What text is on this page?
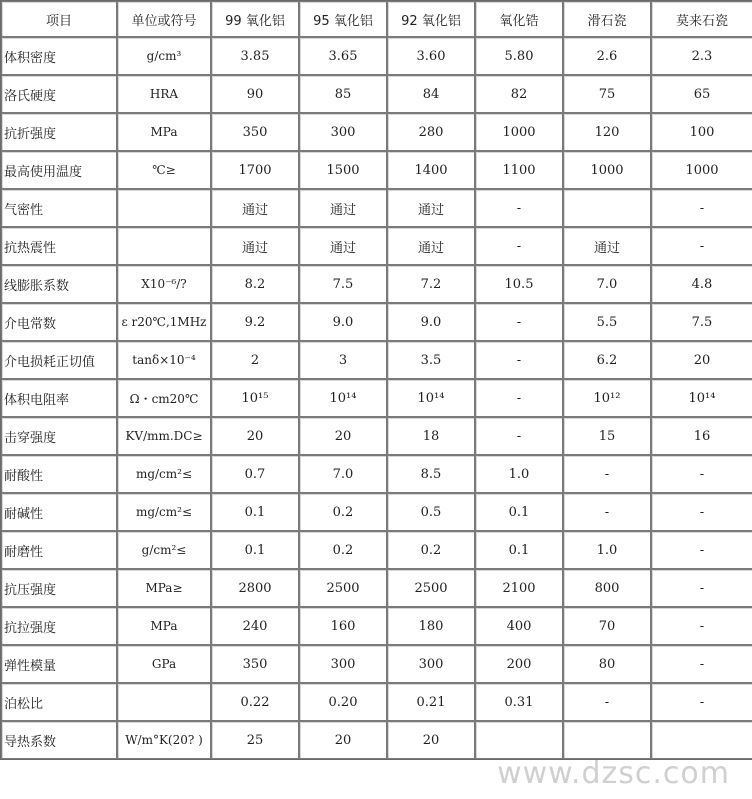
项目	单位或符号	99 氧化铝	95 氧化铝	92 氧化铝	氧化锆	滑石瓷	莫来石瓷
体积密度	g/cm³	3.85	3.65	3.60	5.80	2.6	2.3
洛氏硬度	HRA	90	85	84	82	75	65
抗折强度	MPa	350	300	280	1000	120	100
最高使用温度	℃≥	1700	1500	1400	1100	1000	1000
气密性		通过	通过	通过	-		-
抗热震性		通过	通过	通过	-	通过	-
线膨胀系数	X10⁻⁶/?	8.2	7.5	7.2	10.5	7.0	4.8
介电常数	ε r20℃,1MHz	9.2	9.0	9.0	-	5.5	7.5
介电损耗正切值	tanδ×10⁻⁴	2	3	3.5	-	6.2	20
体积电阻率	Ω・cm20℃	10¹⁵	10¹⁴	10¹⁴	-	10¹²	10¹⁴
击穿强度	KV/mm.DC≥	20	20	18	-	15	16
耐酸性	mg/cm²≤	0.7	7.0	8.5	1.0	-	-
耐碱性	mg/cm²≤	0.1	0.2	0.5	0.1	-	-
耐磨性	g/cm²≤	0.1	0.2	0.2	0.1	1.0	-
抗压强度	MPa≥	2800	2500	2500	2100	800	-
抗拉强度	MPa	240	160	180	400	70	-
弹性模量	GPa	350	300	300	200	80	-
泊松比		0.22	0.20	0.21	0.31	-	-
导热系数	W/m°K(20? )	25	20	20			
www.dzsc.com
